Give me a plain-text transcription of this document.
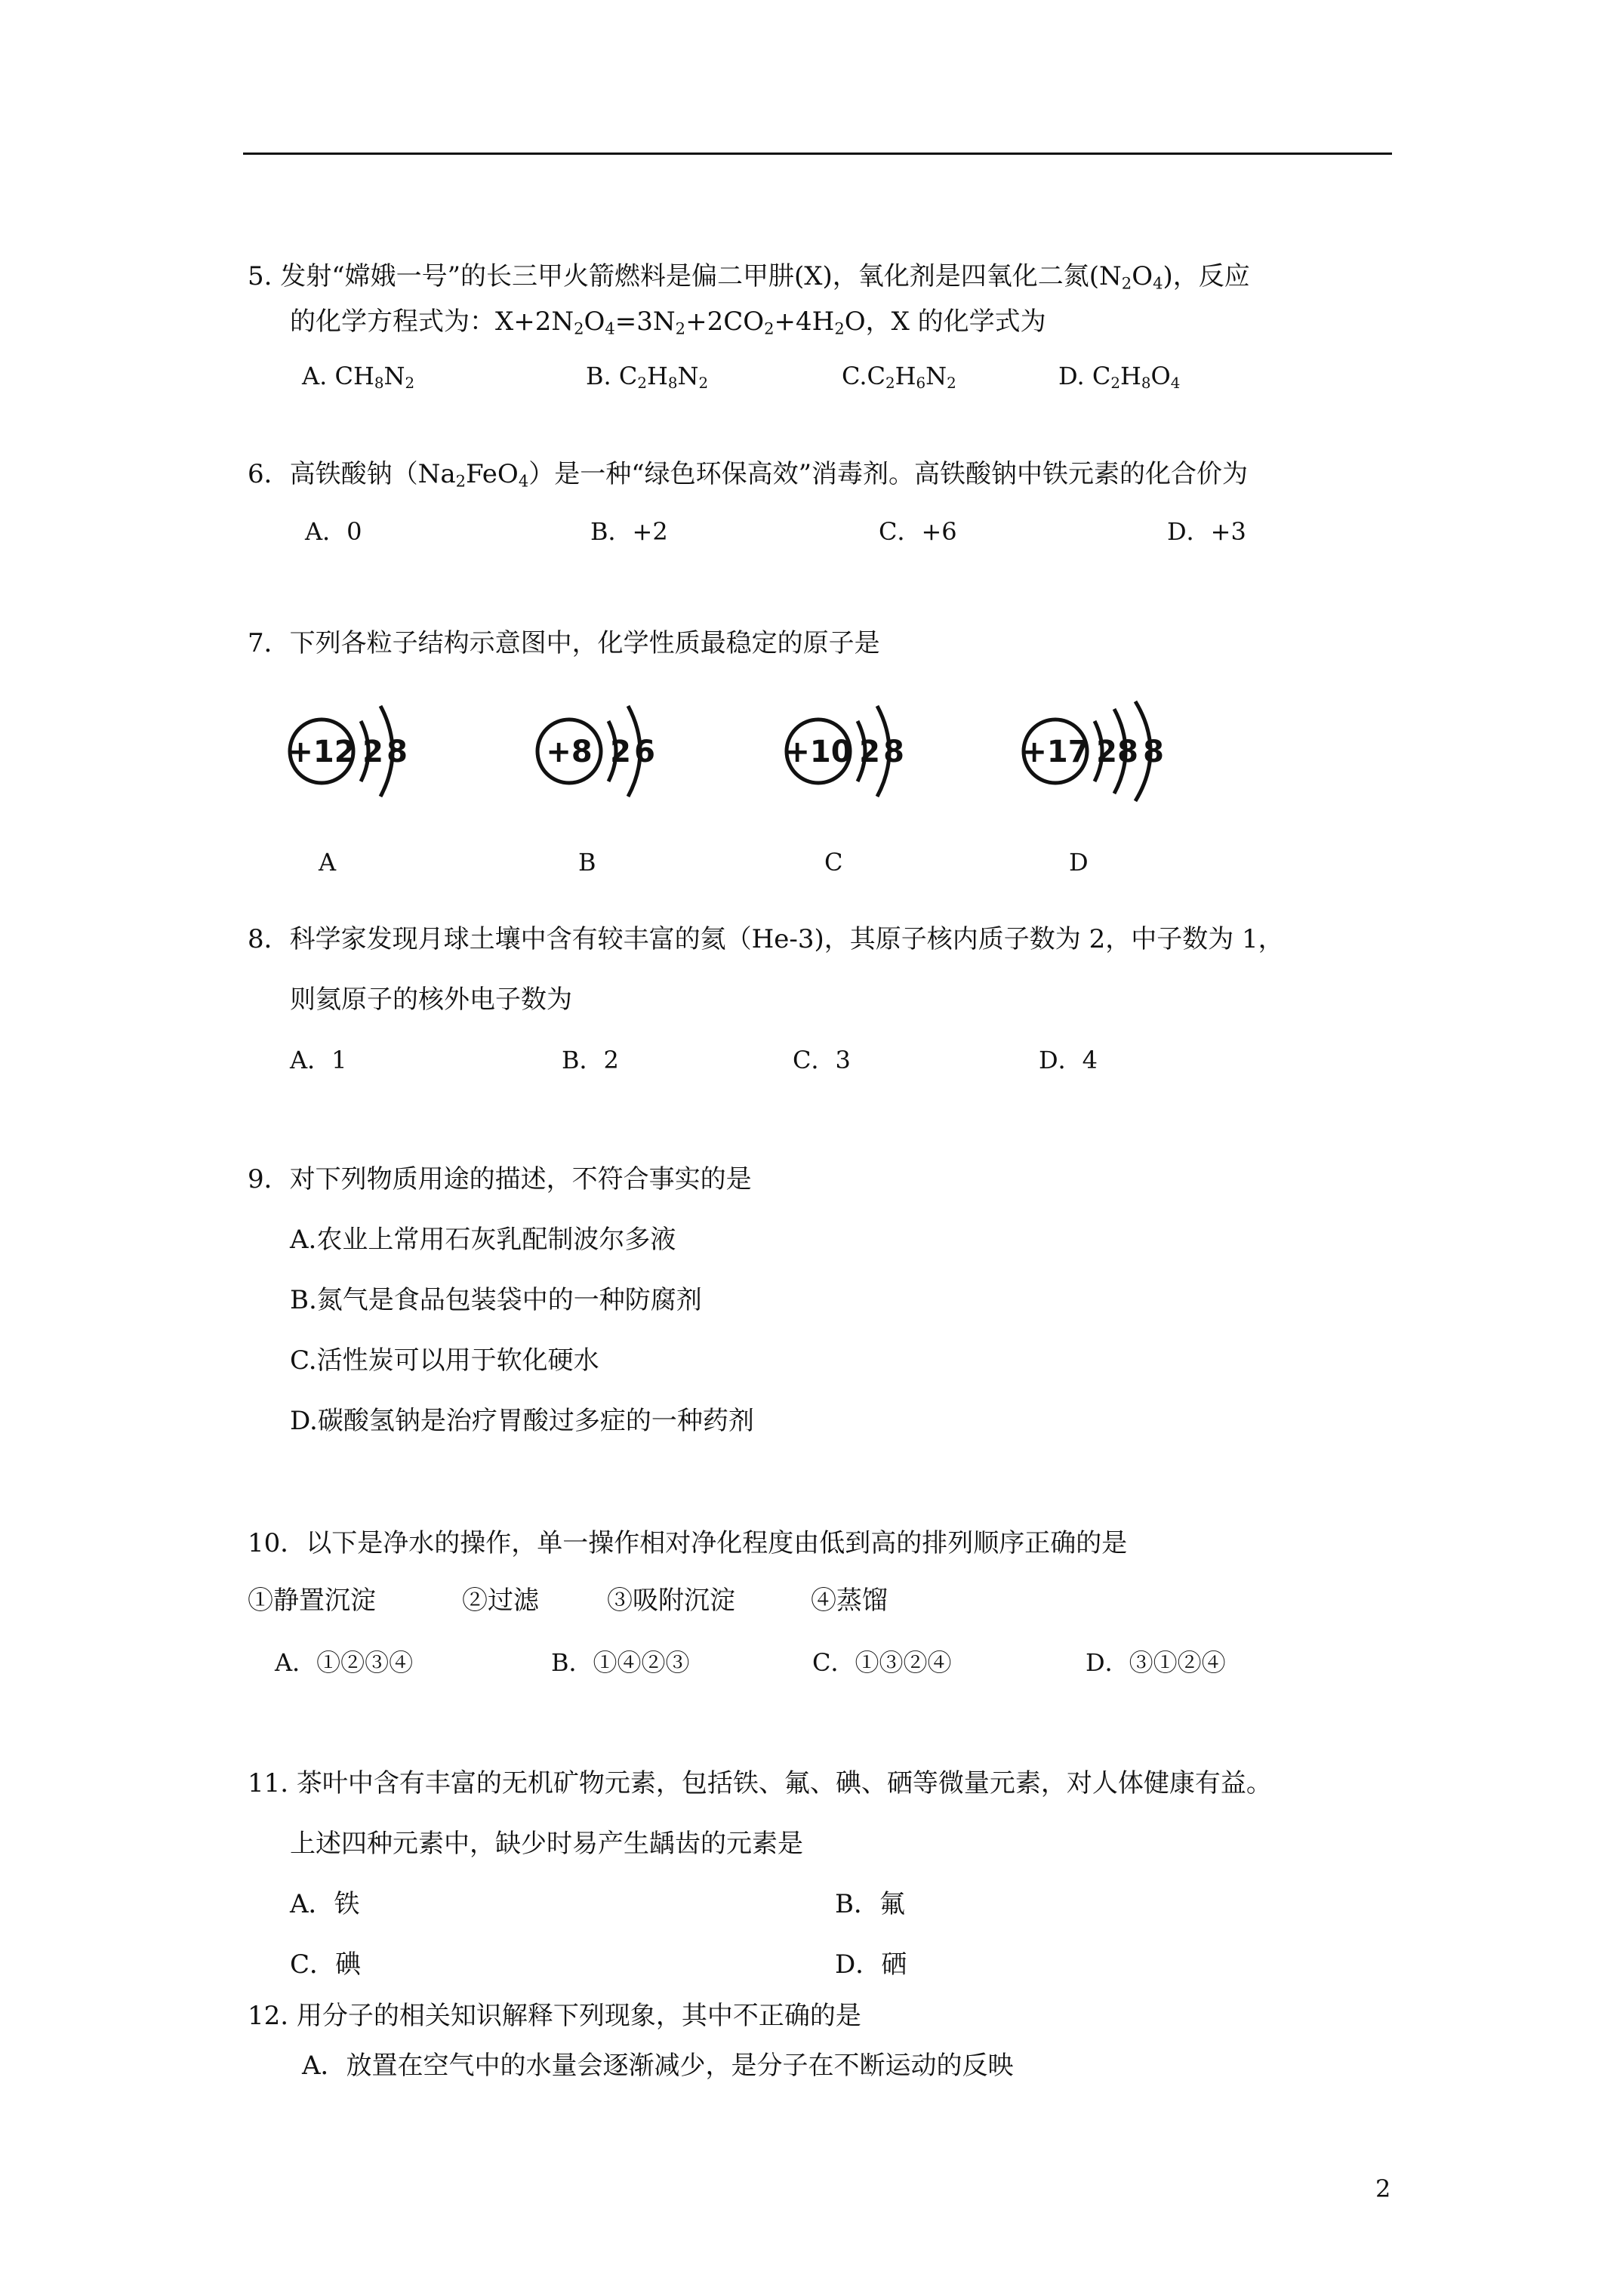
5. 发射“嫦娥一号”的长三甲火箭燃料是偏二甲肼(X)，氧化剂是四氧化二氮$(N_2O_4)$，反应
的化学方程式为：$X+2N_2O_4=3N_2+2CO_2+4H_2O$，X 的化学式为
A. $CH_8N_2$	B. $C_2H_8N_2$	$C.C_2H_6N_2$	D. $C_2H_8O_4$
6．高铁酸钠$(Na_2FeO_4)$是一种“绿色环保高效”消毒剂。高铁酸钠中铁元素的化合价为
A．0	B．+2	C．+6	D．+3
7．下列各粒子结构示意图中，化学性质最稳定的原子是
+12 2 8	+8 2 6	+10 2 8	+17 2 8 8
A	B	C	D
8．科学家发现月球土壤中含有较丰富的氦（He-3)，其原子核内质子数为 2，中子数为 1，
则氦原子的核外电子数为
A．1	B．2	C．3	D．4
9．对下列物质用途的描述，不符合事实的是
A.农业上常用石灰乳配制波尔多液
B.氮气是食品包装袋中的一种防腐剂
C.活性炭可以用于软化硬水
D.碳酸氢钠是治疗胃酸过多症的一种药剂
10．以下是净水的操作，单一操作相对净化程度由低到高的排列顺序正确的是
①静置沉淀	②过滤	③吸附沉淀	④蒸馏
A．①②③④	B．①④②③	C．①③②④	D．③①②④
11. 茶叶中含有丰富的无机矿物元素，包括铁、氟、碘、硒等微量元素，对人体健康有益。
上述四种元素中，缺少时易产生龋齿的元素是
A．铁	B．氟
C．碘	D．硒
12. 用分子的相关知识解释下列现象，其中不正确的是
A．放置在空气中的水量会逐渐减少，是分子在不断运动的反映
2
